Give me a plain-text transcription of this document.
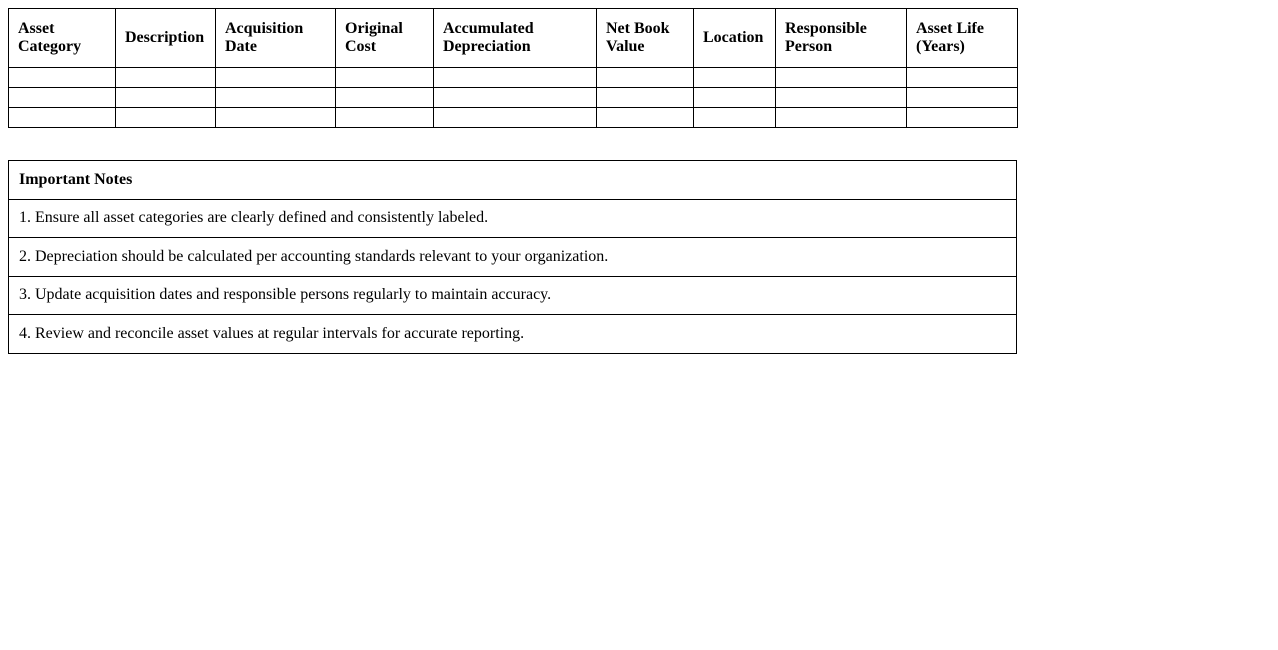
Asset Category	Description	Acquisition Date	Original Cost	Accumulated Depreciation	Net Book Value	Location	Responsible Person	Asset Life (Years)

Important Notes
1. Ensure all asset categories are clearly defined and consistently labeled.
2. Depreciation should be calculated per accounting standards relevant to your organization.
3. Update acquisition dates and responsible persons regularly to maintain accuracy.
4. Review and reconcile asset values at regular intervals for accurate reporting.
